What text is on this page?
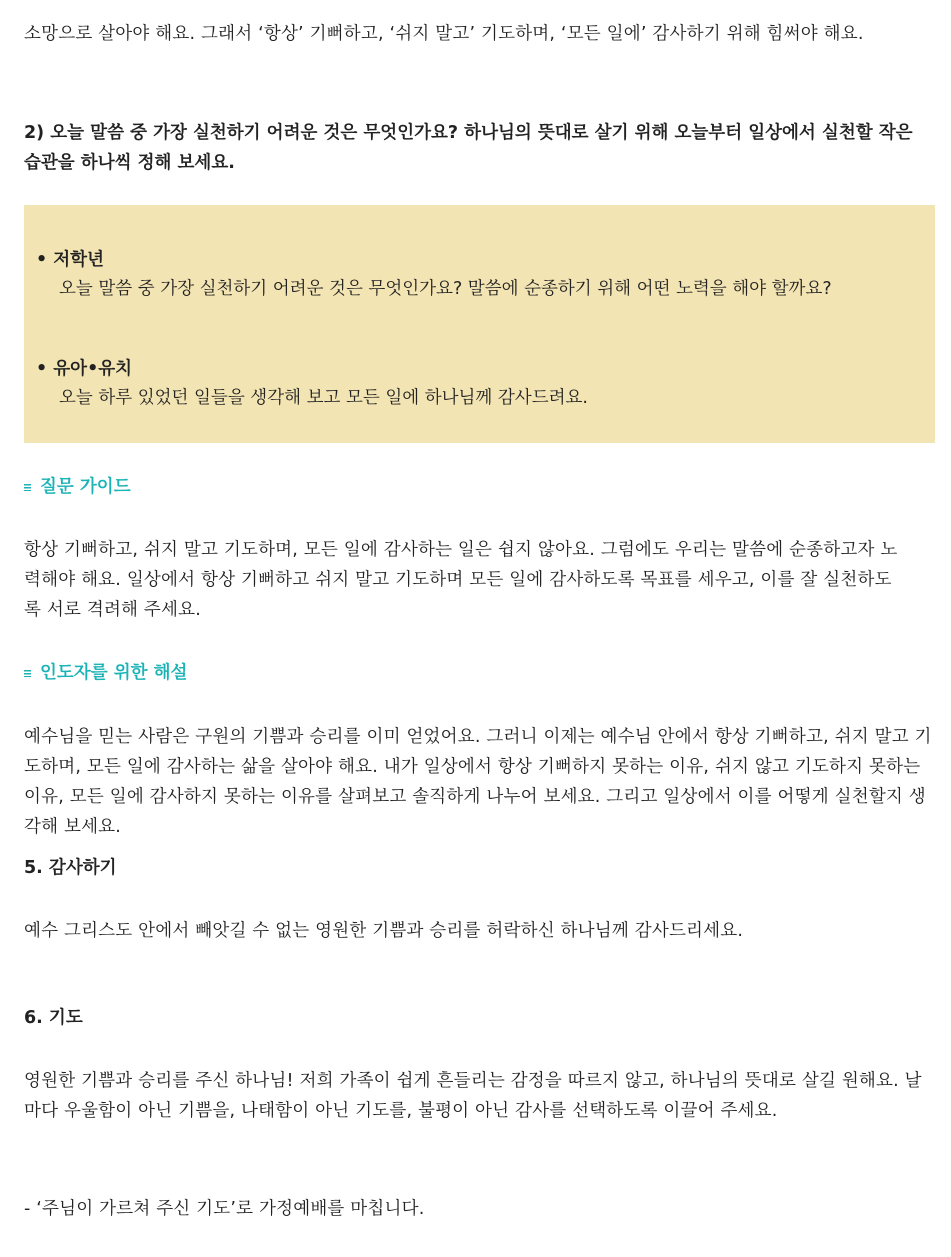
소망으로 살아야 해요. 그래서 ‘항상’ 기뻐하고, ‘쉬지 말고’ 기도하며, ‘모든 일에’ 감사하기 위해 힘써야 해요.

2) 오늘 말씀 중 가장 실천하기 어려운 것은 무엇인가요? 하나님의 뜻대로 살기 위해 오늘부터 일상에서 실천할 작은 습관을 하나씩 정해 보세요.

• 저학년

오늘 말씀 중 가장 실천하기 어려운 것은 무엇인가요? 말씀에 순종하기 위해 어떤 노력을 해야 할까요?

• 유아•유치

오늘 하루 있었던 일들을 생각해 보고 모든 일에 하나님께 감사드려요.

질문 가이드

항상 기뻐하고, 쉬지 말고 기도하며, 모든 일에 감사하는 일은 쉽지 않아요. 그럼에도 우리는 말씀에 순종하고자 노력해야 해요. 일상에서 항상 기뻐하고 쉬지 말고 기도하며 모든 일에 감사하도록 목표를 세우고, 이를 잘 실천하도록 서로 격려해 주세요.

인도자를 위한 해설

예수님을 믿는 사람은 구원의 기쁨과 승리를 이미 얻었어요. 그러니 이제는 예수님 안에서 항상 기뻐하고, 쉬지 말고 기도하며, 모든 일에 감사하는 삶을 살아야 해요. 내가 일상에서 항상 기뻐하지 못하는 이유, 쉬지 않고 기도하지 못하는 이유, 모든 일에 감사하지 못하는 이유를 살펴보고 솔직하게 나누어 보세요. 그리고 일상에서 이를 어떻게 실천할지 생각해 보세요.

5. 감사하기

예수 그리스도 안에서 빼앗길 수 없는 영원한 기쁨과 승리를 허락하신 하나님께 감사드리세요.

6. 기도

영원한 기쁨과 승리를 주신 하나님! 저희 가족이 쉽게 흔들리는 감정을 따르지 않고, 하나님의 뜻대로 살길 원해요. 날마다 우울함이 아닌 기쁨을, 나태함이 아닌 기도를, 불평이 아닌 감사를 선택하도록 이끌어 주세요.

- ‘주님이 가르쳐 주신 기도’로 가정예배를 마칩니다.
